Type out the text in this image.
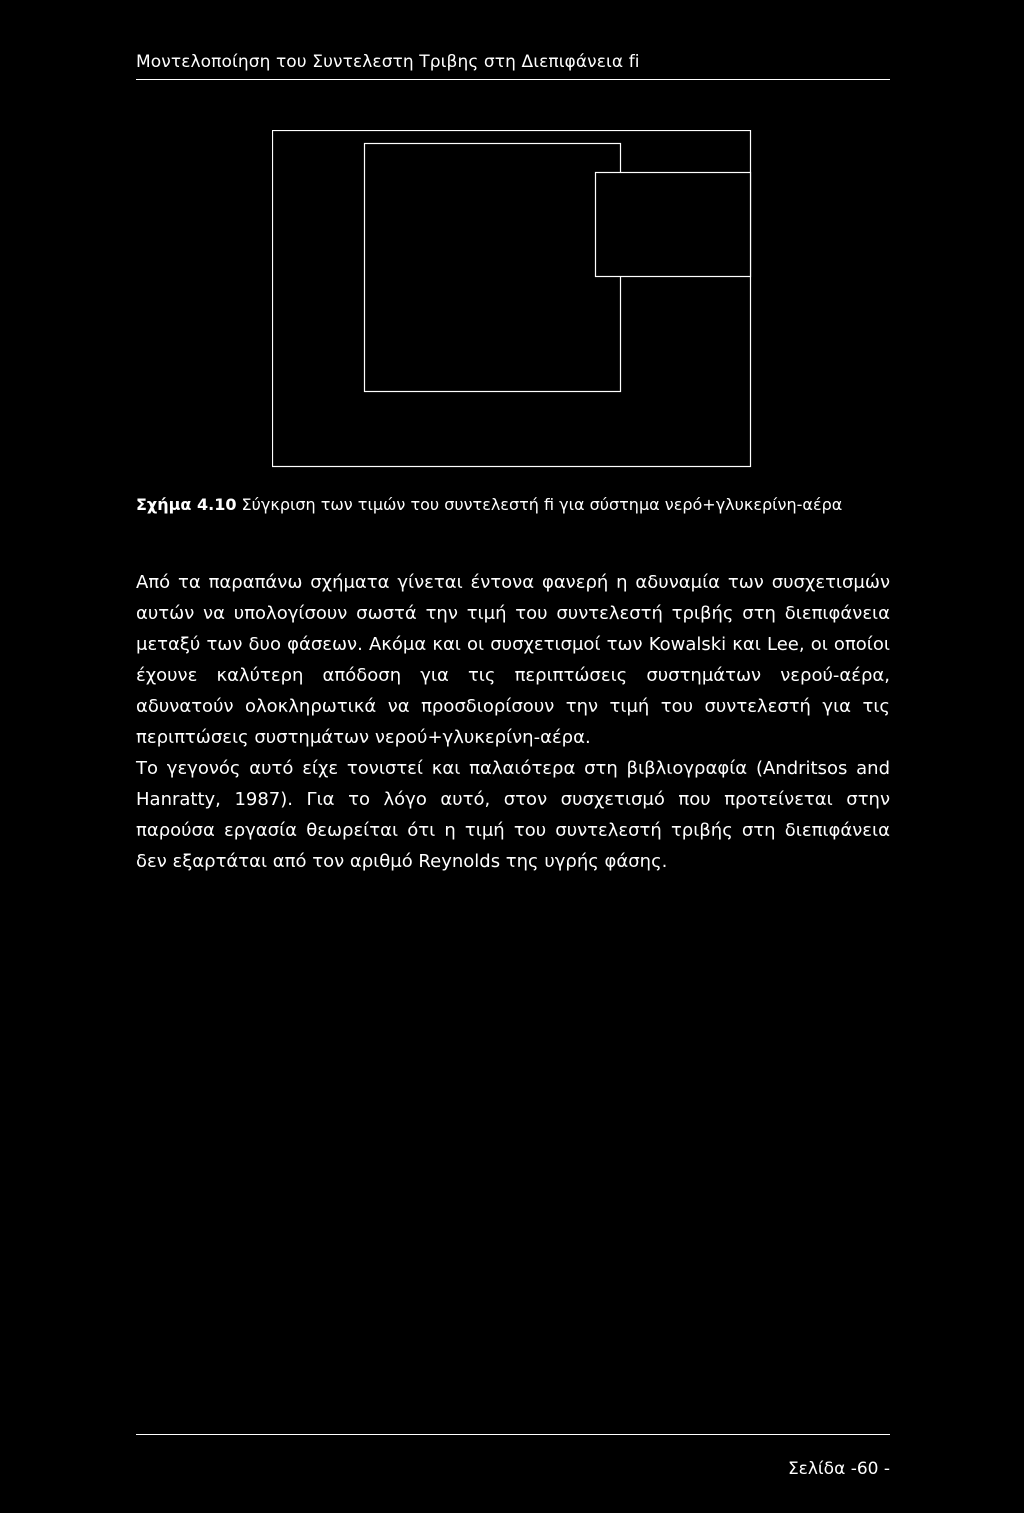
Μοντελοποίηση του Συντελεστη Τριβης στη Διεπιφάνεια fi
Σχήμα 4.10 Σύγκριση των τιμών του συντελεστή fi για σύστημα νερό+γλυκερίνη-αέρα

Από τα παραπάνω σχήματα γίνεται έντονα φανερή η αδυναμία των συσχετισμών αυτών να υπολογίσουν σωστά την τιμή του συντελεστή τριβής στη διεπιφάνεια μεταξύ των δυο φάσεων. Ακόμα και οι συσχετισμοί των Kowalski και Lee, οι οποίοι έχουνε καλύτερη απόδοση για τις περιπτώσεις συστημάτων νερού-αέρα, αδυνατούν ολοκληρωτικά να προσδιορίσουν την τιμή του συντελεστή για τις περιπτώσεις συστημάτων νερού+γλυκερίνη-αέρα.

Το γεγονός αυτό είχε τονιστεί και παλαιότερα στη βιβλιογραφία (Andritsos and Hanratty, 1987). Για το λόγο αυτό, στον συσχετισμό που προτείνεται στην παρούσα εργασία θεωρείται ότι η τιμή του συντελεστή τριβής στη διεπιφάνεια δεν εξαρτάται από τον αριθμό Reynolds της υγρής φάσης.

Σελίδα -60 -
